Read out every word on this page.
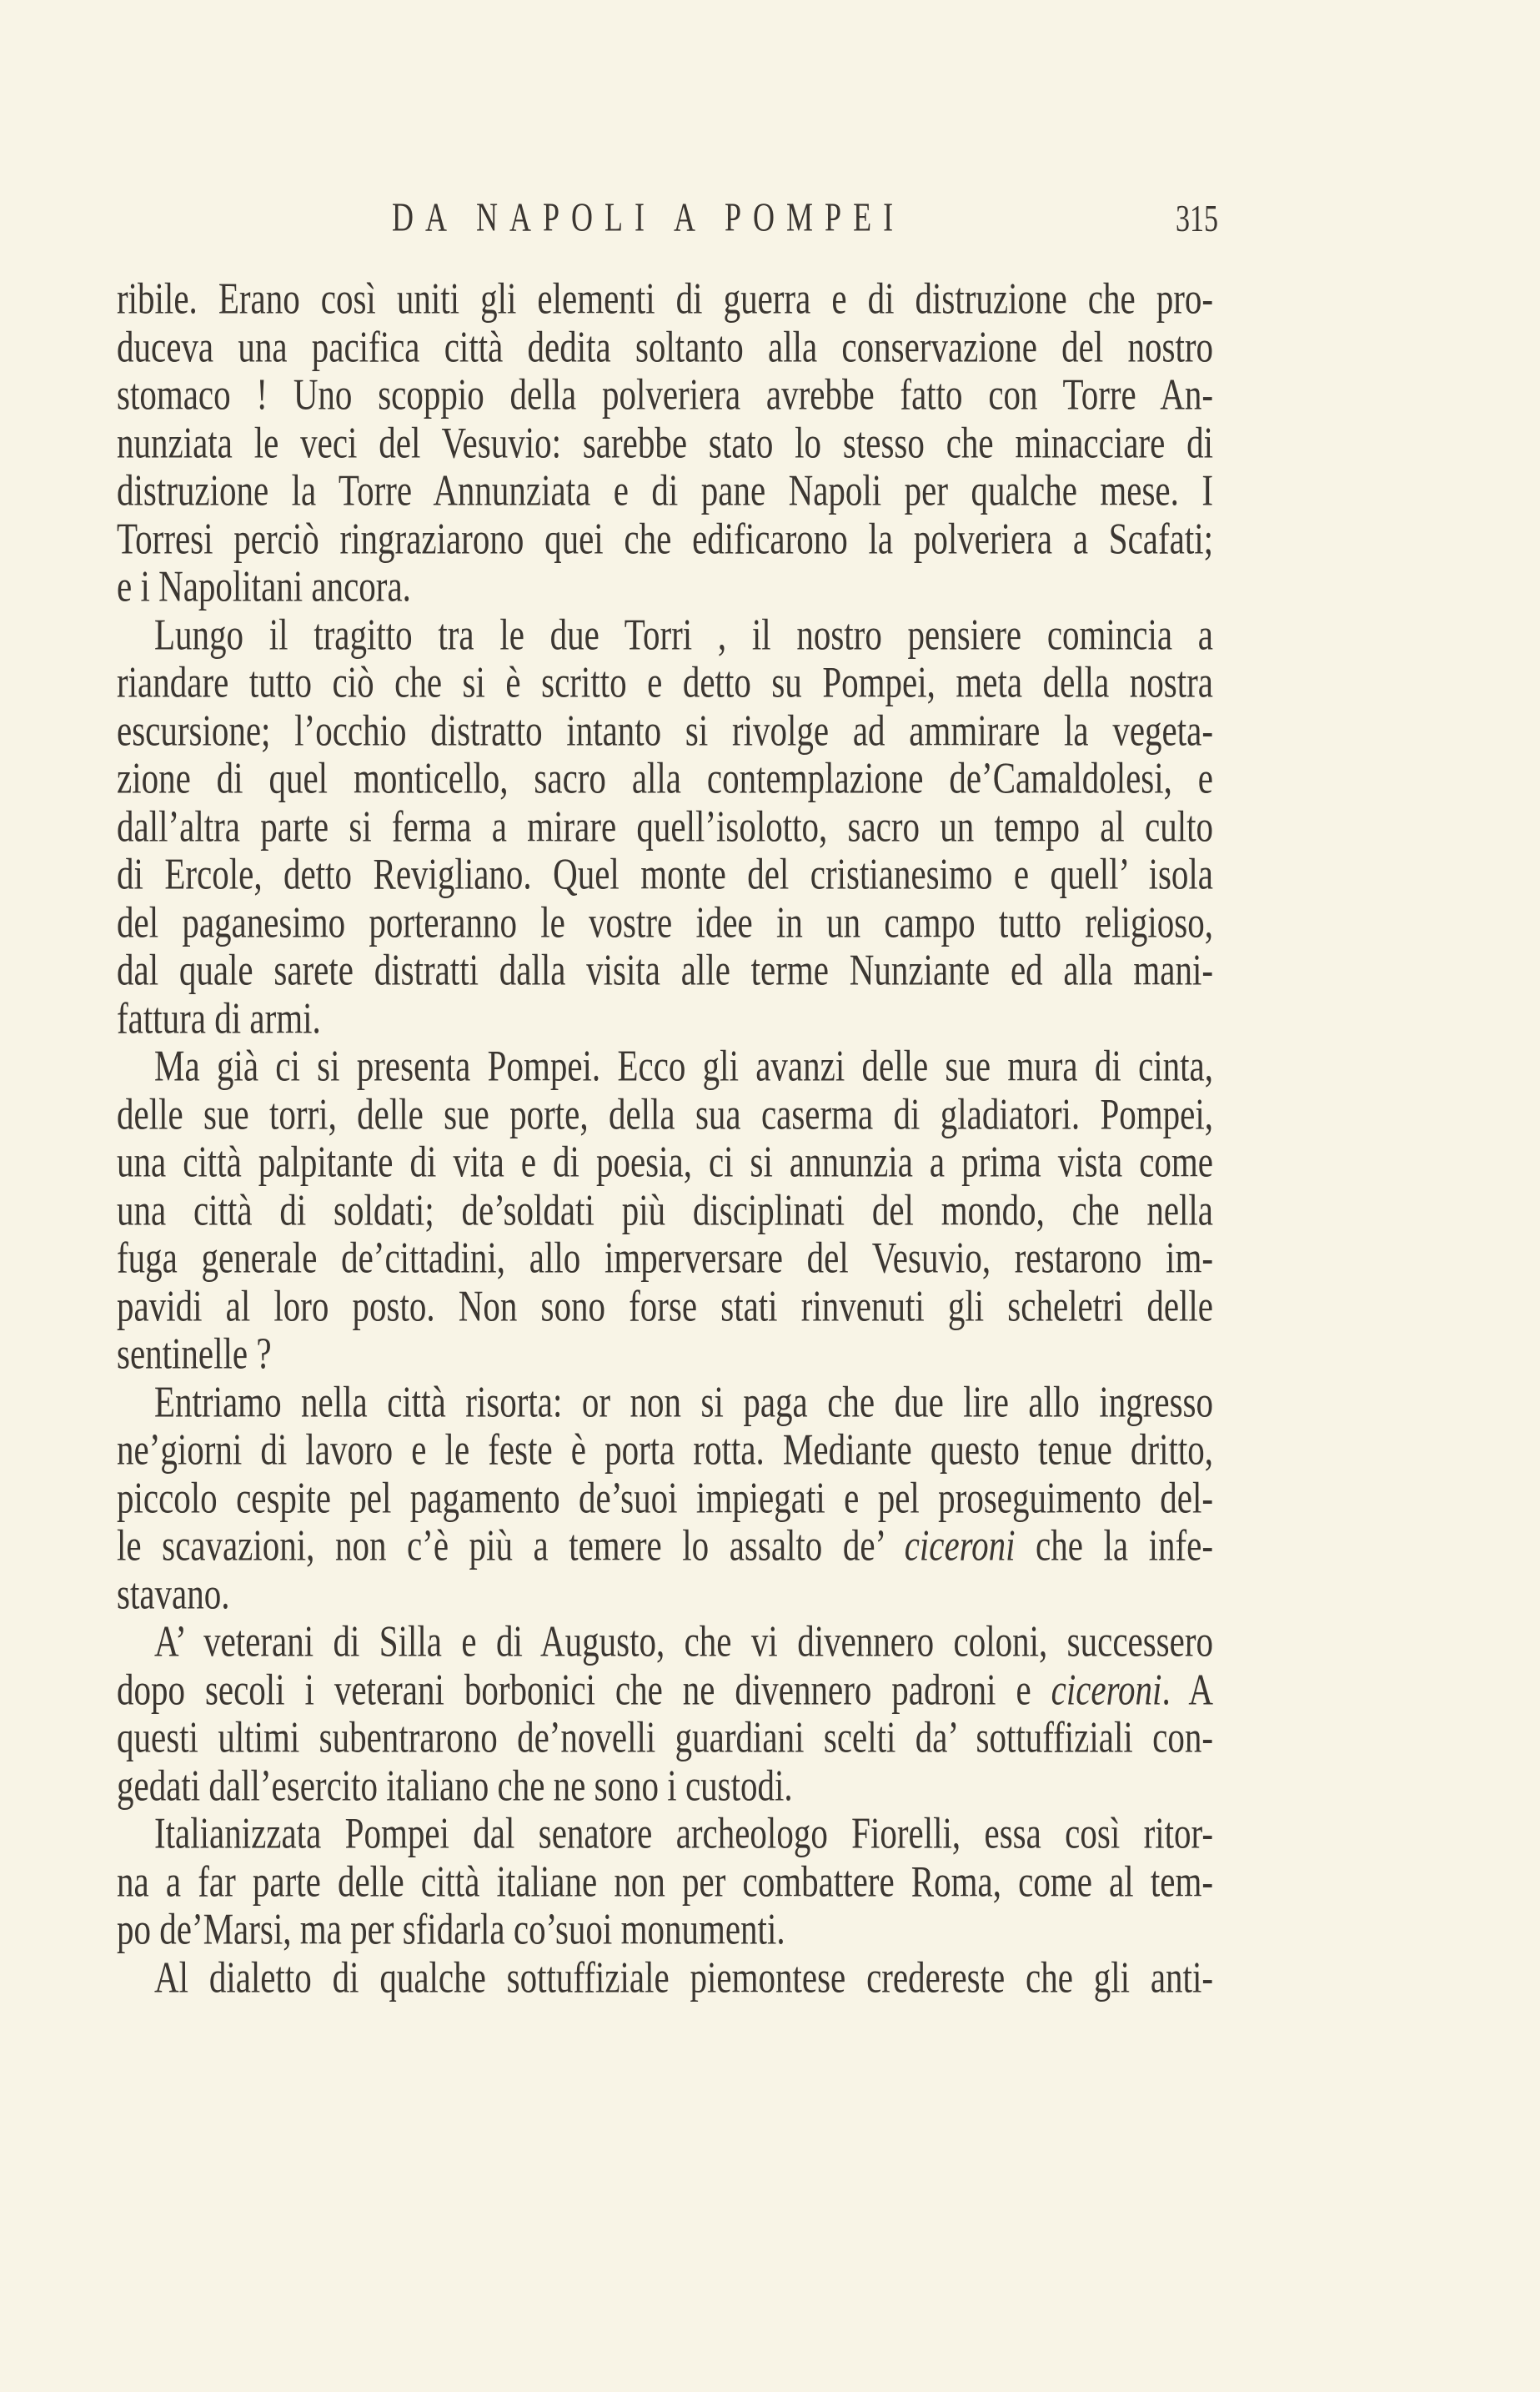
DA NAPOLI A POMPEI	315
ribile. Erano così uniti gli elementi di guerra e di distruzione che pro-
duceva una pacifica città dedita soltanto alla conservazione del nostro
stomaco ! Uno scoppio della polveriera avrebbe fatto con Torre An-
nunziata le veci del Vesuvio: sarebbe stato lo stesso che minacciare di
distruzione la Torre Annunziata e di pane Napoli per qualche mese. I
Torresi perciò ringraziarono quei che edificarono la polveriera a Scafati;
e i Napolitani ancora.
Lungo il tragitto tra le due Torri , il nostro pensiere comincia a
riandare tutto ciò che si è scritto e detto su Pompei, meta della nostra
escursione; l’occhio distratto intanto si rivolge ad ammirare la vegeta-
zione di quel monticello, sacro alla contemplazione de’Camaldolesi, e
dall’altra parte si ferma a mirare quell’isolotto, sacro un tempo al culto
di Ercole, detto Revigliano. Quel monte del cristianesimo e quell’ isola
del paganesimo porteranno le vostre idee in un campo tutto religioso,
dal quale sarete distratti dalla visita alle terme Nunziante ed alla mani-
fattura di armi.
Ma già ci si presenta Pompei. Ecco gli avanzi delle sue mura di cinta,
delle sue torri, delle sue porte, della sua caserma di gladiatori. Pompei,
una città palpitante di vita e di poesia, ci si annunzia a prima vista come
una città di soldati; de’soldati più disciplinati del mondo, che nella
fuga generale de’cittadini, allo imperversare del Vesuvio, restarono im-
pavidi al loro posto. Non sono forse stati rinvenuti gli scheletri delle
sentinelle ?
Entriamo nella città risorta: or non si paga che due lire allo ingresso
ne’giorni di lavoro e le feste è porta rotta. Mediante questo tenue dritto,
piccolo cespite pel pagamento de’suoi impiegati e pel proseguimento del-
le scavazioni, non c’è più a temere lo assalto de’ ciceroni che la infe-
stavano.
A’ veterani di Silla e di Augusto, che vi divennero coloni, successero
dopo secoli i veterani borbonici che ne divennero padroni e ciceroni. A
questi ultimi subentrarono de’novelli guardiani scelti da’ sottuffiziali con-
gedati dall’esercito italiano che ne sono i custodi.
Italianizzata Pompei dal senatore archeologo Fiorelli, essa così ritor-
na a far parte delle città italiane non per combattere Roma, come al tem-
po de’Marsi, ma per sfidarla co’suoi monumenti.
Al dialetto di qualche sottuffiziale piemontese credereste che gli anti-
